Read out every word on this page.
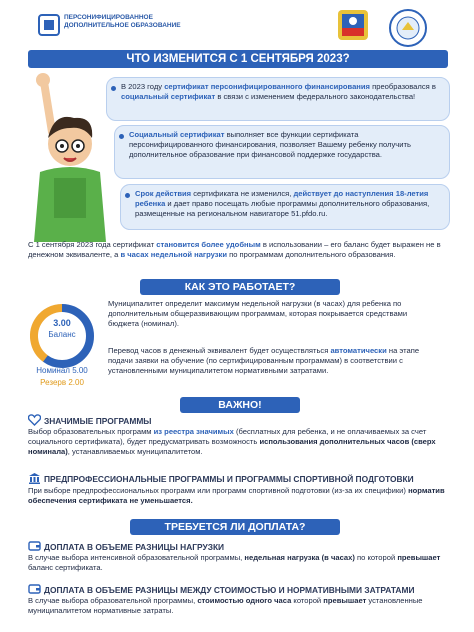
ПЕРСОНИФИЦИРОВАННОЕ ДОПОЛНИТЕЛЬНОЕ ОБРАЗОВАНИЕ
ЧТО ИЗМЕНИТСЯ С 1 СЕНТЯБРЯ 2023?
В 2023 году сертификат персонифицированного финансирования преобразовался в социальный сертификат в связи с изменением федерального законодательства!
Социальный сертификат выполняет все функции сертификата персонифицированного финансирования, позволяет Вашему ребенку получить дополнительное образование при финансовой поддержке государства.
Срок действия сертификата не изменился, действует до наступления 18-летия ребенка и дает право посещать любые программы дополнительного образования, размещенные на региональном навигаторе 51.pfdo.ru.
С 1 сентября 2023 года сертификат становится более удобным в использовании – его баланс будет выражен не в денежном эквиваленте, а в часах недельной нагрузки по программам дополнительного образования.
КАК ЭТО РАБОТАЕТ?
3.00
Баланс
Номинал 5.00
Резерв 2.00
Муниципалитет определит максимум недельной нагрузки (в часах) для ребенка по дополнительным общеразвивающим программам, которая покрывается средствами бюджета (номинал).
Перевод часов в денежный эквивалент будет осуществляться автоматически на этапе подачи заявки на обучение (по сертифицированным программам) в соответствии с установленными муниципалитетом нормативными затратами.
ВАЖНО!
ЗНАЧИМЫЕ ПРОГРАММЫ
Выбор образовательных программ из реестра значимых (бесплатных для ребенка, и не оплачиваемых за счет социального сертификата), будет предусматривать возможность использования дополнительных часов (сверх номинала), устанавливаемых муниципалитетом.
ПРЕДПРОФЕССИОНАЛЬНЫЕ ПРОГРАММЫ И ПРОГРАММЫ СПОРТИВНОЙ ПОДГОТОВКИ
При выборе предпрофессиональных программ или программ спортивной подготовки (из-за их специфики) норматив обеспечения сертификата не уменьшается.
ТРЕБУЕТСЯ ЛИ ДОПЛАТА?
ДОПЛАТА В ОБЪЕМЕ РАЗНИЦЫ НАГРУЗКИ
В случае выбора интенсивной образовательной программы, недельная нагрузка (в часах) по которой превышает баланс сертификата.
ДОПЛАТА В ОБЪЕМЕ РАЗНИЦЫ МЕЖДУ СТОИМОСТЬЮ И НОРМАТИВНЫМИ ЗАТРАТАМИ
В случае выбора образовательной программы, стоимостью одного часа которой превышает установленные муниципалитетом нормативные затраты.
